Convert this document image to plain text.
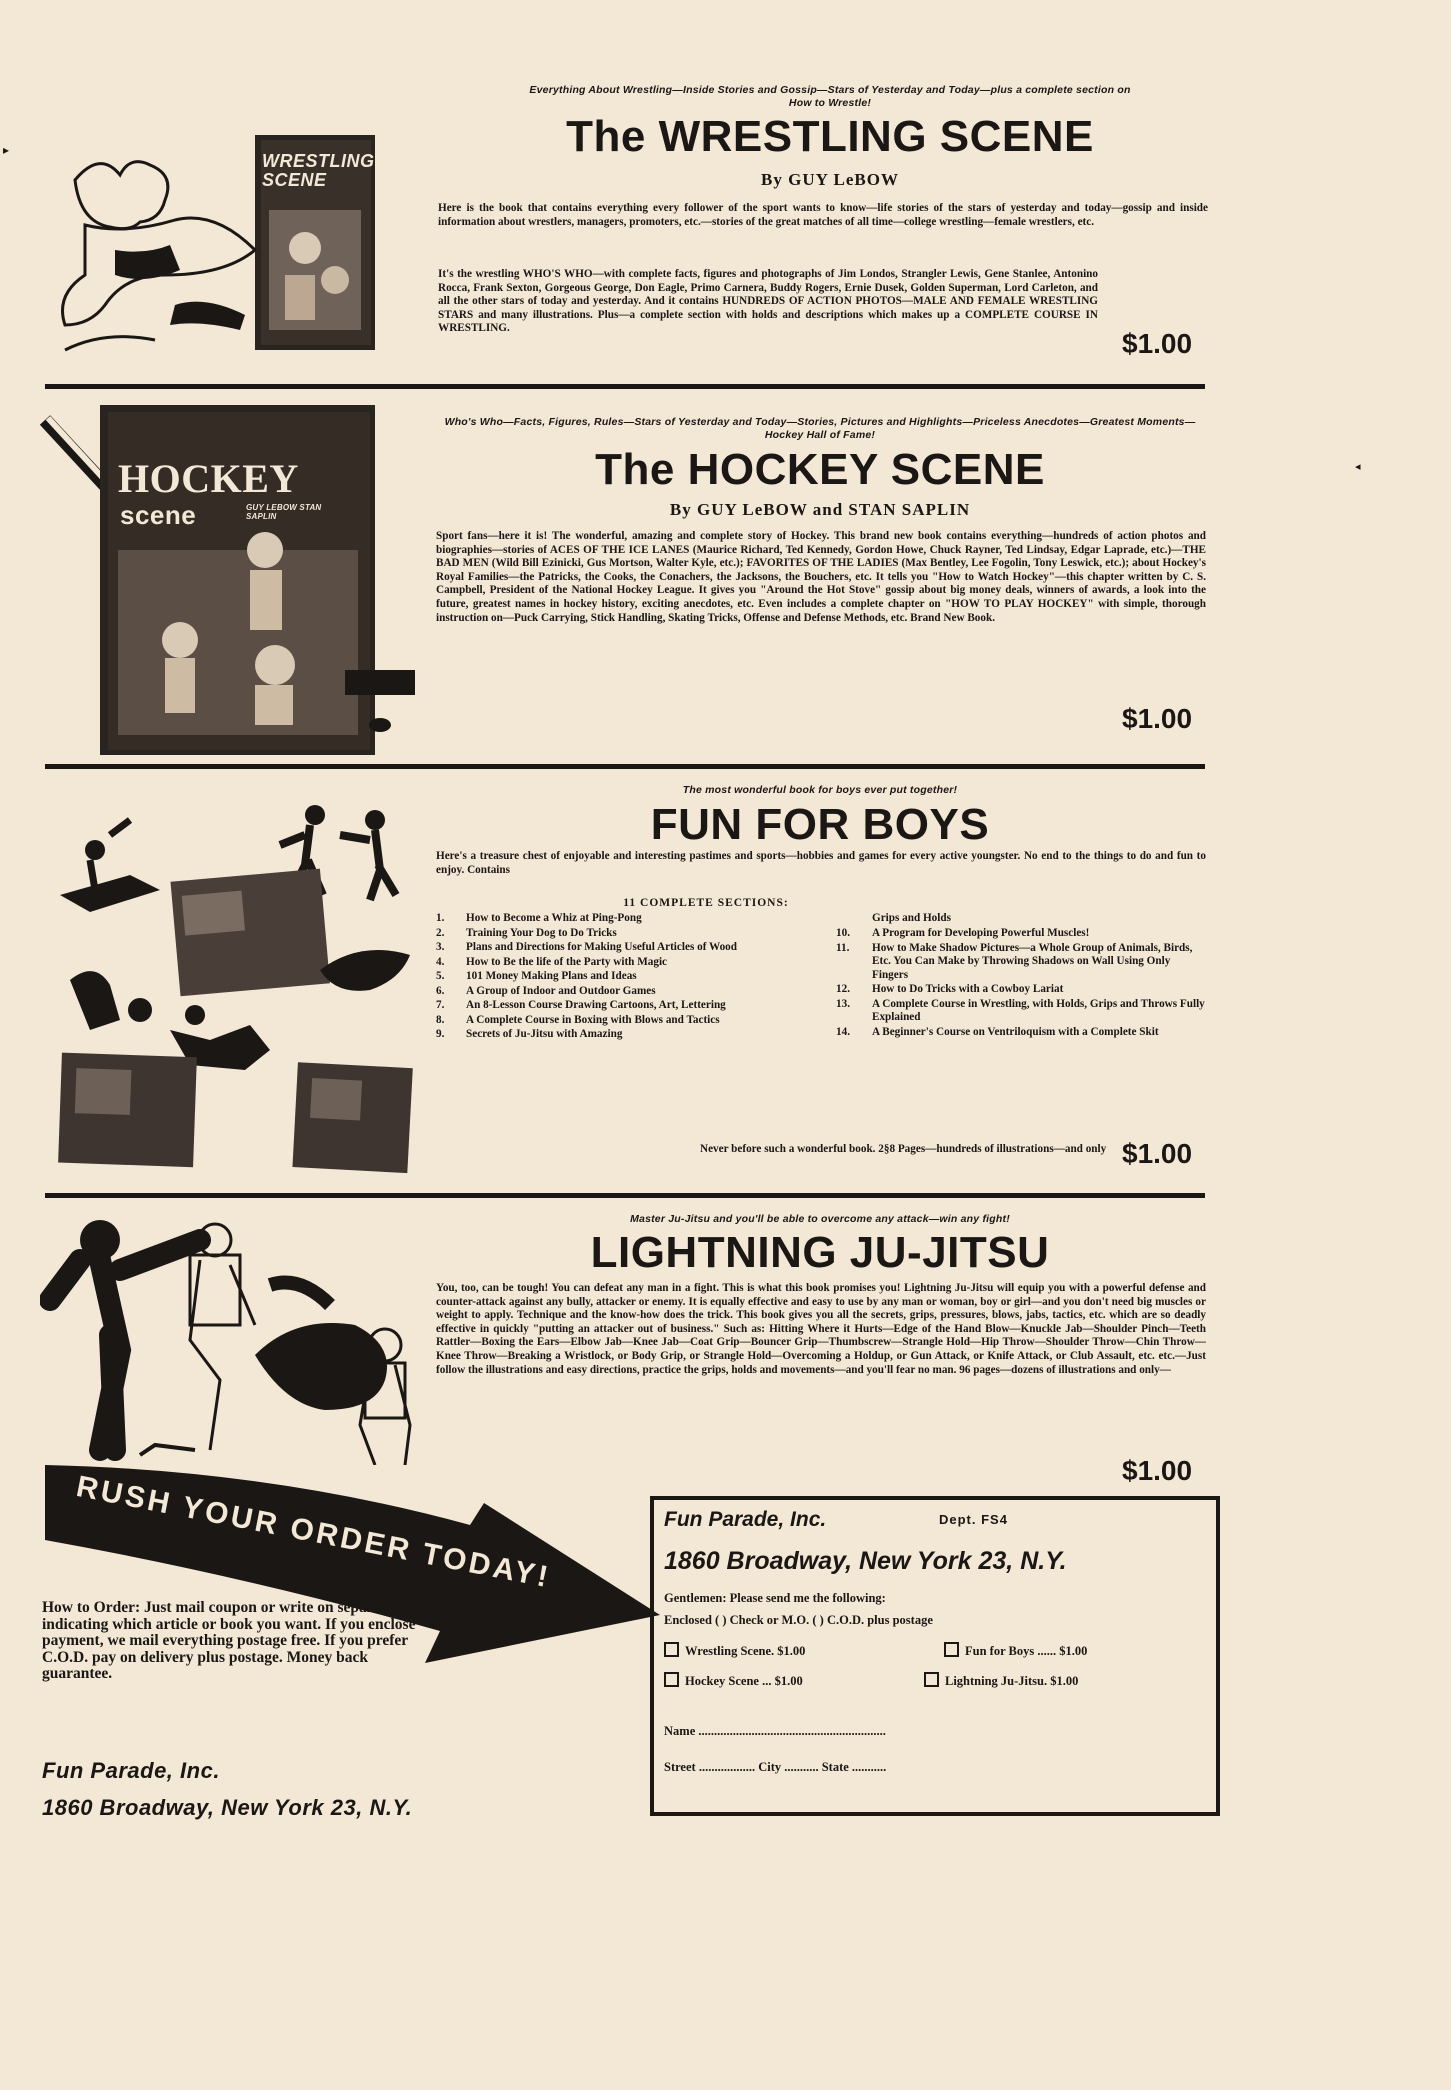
▸
◂
Everything About Wrestling—Inside Stories and Gossip—Stars of Yesterday and Today—plus a complete section on How to Wrestle!
The WRESTLING SCENE
By GUY LeBOW
WRESTLING SCENE
Here is the book that contains everything every follower of the sport wants to know—life stories of the stars of yesterday and today—gossip and inside information about wrestlers, managers, promoters, etc.—stories of the great matches of all time—college wrestling—female wrestlers, etc.
It's the wrestling WHO'S WHO—with complete facts, figures and photographs of Jim Londos, Strangler Lewis, Gene Stanlee, Antonino Rocca, Frank Sexton, Gorgeous George, Don Eagle, Primo Carnera, Buddy Rogers, Ernie Dusek, Golden Superman, Lord Carleton, and all the other stars of today and yesterday. And it contains HUNDREDS OF ACTION PHOTOS—MALE AND FEMALE WRESTLING STARS and many illustrations. Plus—a complete section with holds and descriptions which makes up a COMPLETE COURSE IN WRESTLING.	$1.00
Who's Who—Facts, Figures, Rules—Stars of Yesterday and Today—Stories, Pictures and Highlights—Priceless Anecdotes—Greatest Moments—Hockey Hall of Fame!
The HOCKEY SCENE
By GUY LeBOW and STAN SAPLIN
HOCKEY
scene	GUY LEBOW STAN SAPLIN
Sport fans—here it is! The wonderful, amazing and complete story of Hockey. This brand new book contains everything—hundreds of action photos and biographies—stories of ACES OF THE ICE LANES (Maurice Richard, Ted Kennedy, Gordon Howe, Chuck Rayner, Ted Lindsay, Edgar Laprade, etc.)—THE BAD MEN (Wild Bill Ezinicki, Gus Mortson, Walter Kyle, etc.); FAVORITES OF THE LADIES (Max Bentley, Lee Fogolin, Tony Leswick, etc.); about Hockey's Royal Families—the Patricks, the Cooks, the Conachers, the Jacksons, the Bouchers, etc. It tells you "How to Watch Hockey"—this chapter written by C. S. Campbell, President of the National Hockey League. It gives you "Around the Hot Stove" gossip about big money deals, winners of awards, a look into the future, greatest names in hockey history, exciting anecdotes, etc. Even includes a complete chapter on "HOW TO PLAY HOCKEY" with simple, thorough instruction on—Puck Carrying, Stick Handling, Skating Tricks, Offense and Defense Methods, etc. Brand New Book.
$1.00
The most wonderful book for boys ever put together!
FUN FOR BOYS
Here's a treasure chest of enjoyable and interesting pastimes and sports—hobbies and games for every active youngster. No end to the things to do and fun to enjoy. Contains
11 COMPLETE SECTIONS:
1.	How to Become a Whiz at Ping-Pong
2.	Training Your Dog to Do Tricks
3.	Plans and Directions for Making Useful Articles of Wood
4.	How to Be the life of the Party with Magic
5.	101 Money Making Plans and Ideas
6.	A Group of Indoor and Outdoor Games
7.	An 8-Lesson Course Drawing Cartoons, Art, Lettering
8.	A Complete Course in Boxing with Blows and Tactics
9.	Secrets of Ju-Jitsu with Amazing
Grips and Holds
10.	A Program for Developing Powerful Muscles!
11.	How to Make Shadow Pictures—a Whole Group of Animals, Birds, Etc. You Can Make by Throwing Shadows on Wall Using Only Fingers
12.	How to Do Tricks with a Cowboy Lariat
13.	A Complete Course in Wrestling, with Holds, Grips and Throws Fully Explained
14.	A Beginner's Course on Ventriloquism with a Complete Skit
Never before such a wonderful book. 2§8 Pages—hundreds of illustrations—and only $1.00
Master Ju-Jitsu and you'll be able to overcome any attack—win any fight!
LIGHTNING JU-JITSU
You, too, can be tough! You can defeat any man in a fight. This is what this book promises you! Lightning Ju-Jitsu will equip you with a powerful defense and counter-attack against any bully, attacker or enemy. It is equally effective and easy to use by any man or woman, boy or girl—and you don't need big muscles or weight to apply. Technique and the know-how does the trick. This book gives you all the secrets, grips, pressures, blows, jabs, tactics, etc. which are so deadly effective in quickly "putting an attacker out of business." Such as: Hitting Where it Hurts—Edge of the Hand Blow—Knuckle Jab—Shoulder Pinch—Teeth Rattler—Boxing the Ears—Elbow Jab—Knee Jab—Coat Grip—Bouncer Grip—Thumbscrew—Strangle Hold—Hip Throw—Shoulder Throw—Chin Throw—Knee Throw—Breaking a Wristlock, or Body Grip, or Strangle Hold—Overcoming a Holdup, or Gun Attack, or Knife Attack, or Club Assault, etc. etc.—Just follow the illustrations and easy directions, practice the grips, holds and movements—and you'll fear no man. 96 pages—dozens of illustrations and only—
$1.00
RUSH YOUR ORDER TODAY!
How to Order: Just mail coupon or write on separate letter indicating which article or book you want. If you enclose payment, we mail everything postage free. If you prefer C.O.D. pay on delivery plus postage. Money back guarantee.
Fun Parade, Inc.
1860 Broadway, New York 23, N.Y.
Fun Parade, Inc.	Dept. FS4
1860 Broadway, New York 23, N.Y.
Gentlemen: Please send me the following:
Enclosed ( ) Check or M.O. ( ) C.O.D. plus postage
Wrestling Scene. $1.00	Fun for Boys ...... $1.00
Hockey Scene ... $1.00	Lightning Ju-Jitsu. $1.00
Name ............................................................
Street .................. City ........... State ...........
